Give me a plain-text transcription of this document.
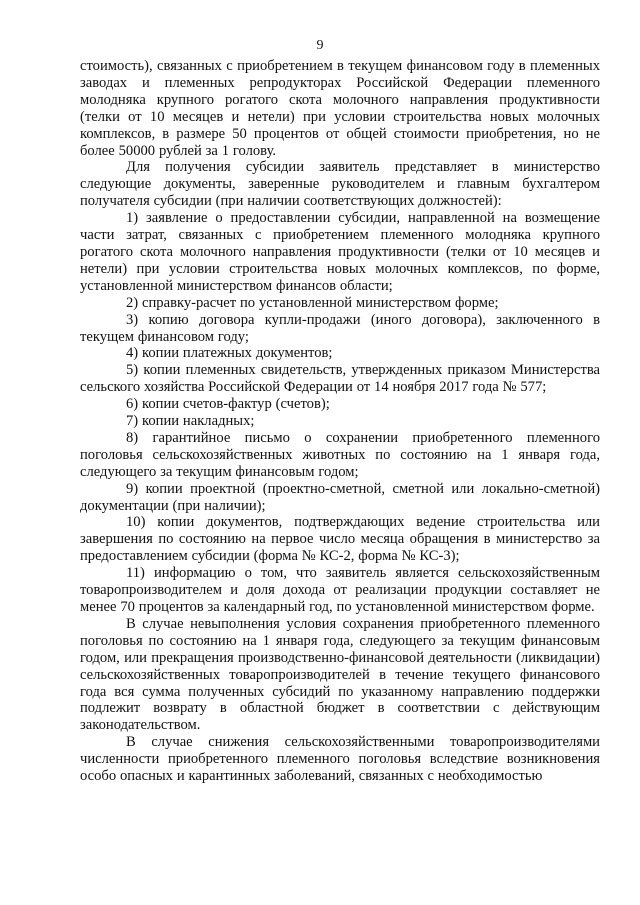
9

стоимость), связанных с приобретением в текущем финансовом году в племенных заводах и племенных репродукторах Российской Федерации племенного молодняка крупного рогатого скота молочного направления продуктивности (телки от 10 месяцев и нетели) при условии строительства новых молочных комплексов, в размере 50 процентов от общей стоимости приобретения, но не более 50000 рублей за 1 голову.

Для получения субсидии заявитель представляет в министерство следующие документы, заверенные руководителем и главным бухгалтером получателя субсидии (при наличии соответствующих должностей):

1) заявление о предоставлении субсидии, направленной на возмещение части затрат, связанных с приобретением племенного молодняка крупного рогатого скота молочного направления продуктивности (телки от 10 месяцев и нетели) при условии строительства новых молочных комплексов, по форме, установленной министерством финансов области;

2) справку-расчет по установленной министерством форме;

3) копию договора купли-продажи (иного договора), заключенного в текущем финансовом году;

4) копии платежных документов;

5) копии племенных свидетельств, утвержденных приказом Министерства сельского хозяйства Российской Федерации от 14 ноября 2017 года № 577;

6) копии счетов-фактур (счетов);

7) копии накладных;

8) гарантийное письмо о сохранении приобретенного племенного поголовья сельскохозяйственных животных по состоянию на 1 января года, следующего за текущим финансовым годом;

9) копии проектной (проектно-сметной, сметной или локально-сметной) документации (при наличии);

10) копии документов, подтверждающих ведение строительства или завершения по состоянию на первое число месяца обращения в министерство за предоставлением субсидии (форма № КС-2, форма № КС-3);

11) информацию о том, что заявитель является сельскохозяйственным товаропроизводителем и доля дохода от реализации продукции составляет не менее 70 процентов за календарный год, по установленной министерством форме.

В случае невыполнения условия сохранения приобретенного племенного поголовья по состоянию на 1 января года, следующего за текущим финансовым годом, или прекращения производственно-финансовой деятельности (ликвидации) сельскохозяйственных товаропроизводителей в течение текущего финансового года вся сумма полученных субсидий по указанному направлению поддержки подлежит возврату в областной бюджет в соответствии с действующим законодательством.

В случае снижения сельскохозяйственными товаропроизводителями численности приобретенного племенного поголовья вследствие возникновения особо опасных и карантинных заболеваний, связанных с необходимостью
